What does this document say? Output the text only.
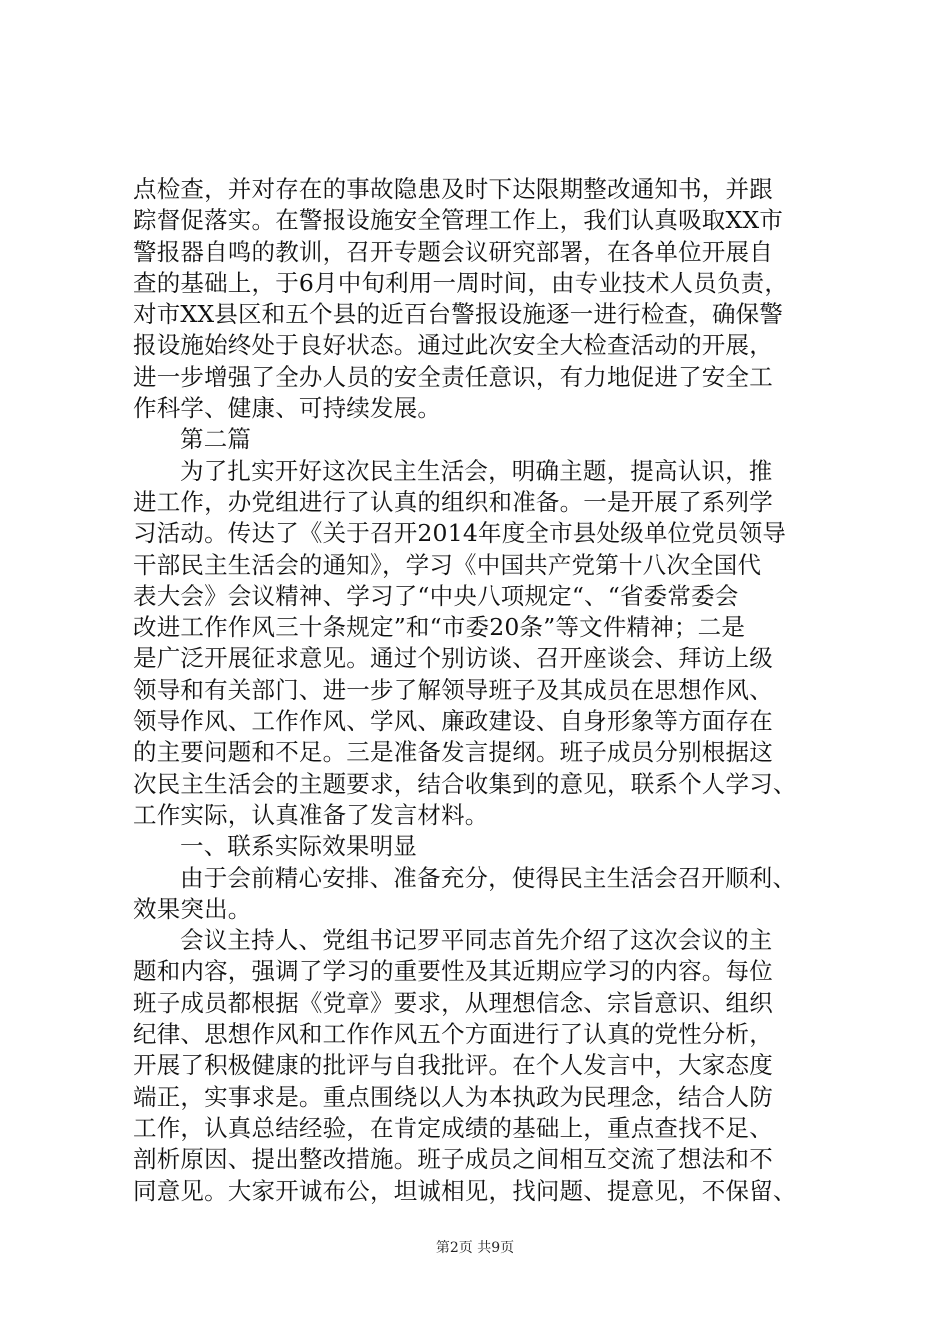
点检查，并对存在的事故隐患及时下达限期整改通知书，并跟
踪督促落实。在警报设施安全管理工作上，我们认真吸取XX市
警报器自鸣的教训，召开专题会议研究部署，在各单位开展自
查的基础上，于6月中旬利用一周时间，由专业技术人员负责，
对市XX县区和五个县的近百台警报设施逐一进行检查，确保警
报设施始终处于良好状态。通过此次安全大检查活动的开展，
进一步增强了全办人员的安全责任意识，有力地促进了安全工
作科学、健康、可持续发展。
第二篇
为了扎实开好这次民主生活会，明确主题，提高认识，推
进工作，办党组进行了认真的组织和准备。一是开展了系列学
习活动。传达了《关于召开2014年度全市县处级单位党员领导
干部民主生活会的通知》，学习《中国共产党第十八次全国代
表大会》会议精神、学习了“中央八项规定“、“省委常委会
改进工作作风三十条规定”和“市委20条”等文件精神；二是
是广泛开展征求意见。通过个别访谈、召开座谈会、拜访上级
领导和有关部门、进一步了解领导班子及其成员在思想作风、
领导作风、工作作风、学风、廉政建设、自身形象等方面存在
的主要问题和不足。三是准备发言提纲。班子成员分别根据这
次民主生活会的主题要求，结合收集到的意见，联系个人学习、
工作实际，认真准备了发言材料。
一、联系实际效果明显
由于会前精心安排、准备充分，使得民主生活会召开顺利、
效果突出。
会议主持人、党组书记罗平同志首先介绍了这次会议的主
题和内容，强调了学习的重要性及其近期应学习的内容。每位
班子成员都根据《党章》要求，从理想信念、宗旨意识、组织
纪律、思想作风和工作作风五个方面进行了认真的党性分析，
开展了积极健康的批评与自我批评。在个人发言中，大家态度
端正，实事求是。重点围绕以人为本执政为民理念，结合人防
工作，认真总结经验，在肯定成绩的基础上，重点查找不足、
剖析原因、提出整改措施。班子成员之间相互交流了想法和不
同意见。大家开诚布公，坦诚相见，找问题、提意见，不保留、
第2页 共9页
